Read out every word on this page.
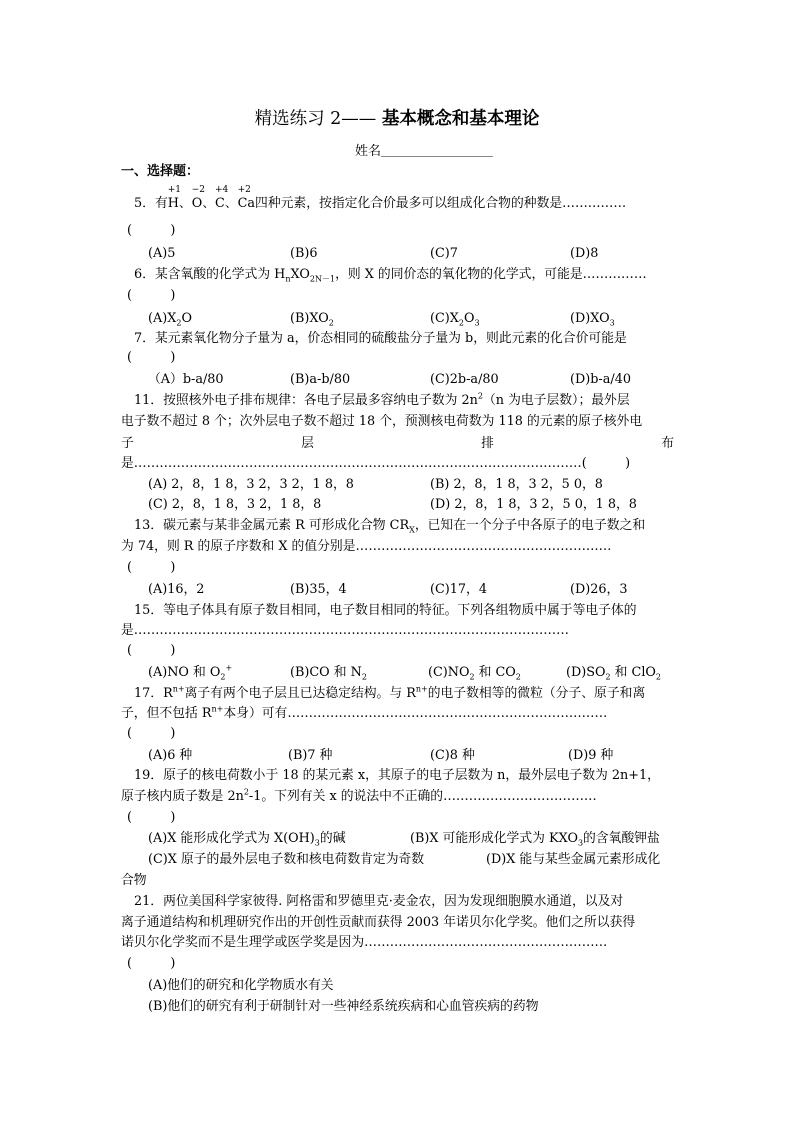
精选练习 2—— 基本概念和基本理论
姓名
一、选择题：
5．有
+1
H、
−2
O、
+4
C、
+2
Ca四种元素，按指定化合价最多可以组成化合物的种数是……………
(　　　)
(A)5	(B)6	(C)7	(D)8
6．某含氧酸的化学式为 $H_nXO_{2N-1}$，则 X 的同价态的氧化物的化学式，可能是……………
(　　　)
$(A)X_2O$	$(B)XO_2$	$(C)X_2O_3$	$(D)XO_3$
7．某元素氧化物分子量为 a，价态相同的硫酸盐分子量为 b，则此元素的化合价可能是
(　　　)
（A）b-a/80	(B)a-b/80	(C)2b-a/80	(D)b-a/40
11．按照核外电子排布规律：各电子层最多容纳电子数为 $2n^2(n$ 为电子层数）；最外层
电子数不超过 8 个；次外层电子数不超过 18 个，预测核电荷数为 118 的元素的原子核外电
子	层	排	布
是……………………………………………………………………………………………(　　　)
(A) 2，8，1 8，3 2，3 2，1 8，8	(B) 2，8，1 8，3 2，5 0，8
(C) 2，8，1 8，3 2，1 8，8	(D) 2，8，1 8，3 2，5 0，1 8，8
13．碳元素与某非金属元素 R 可形成化合物 $CR_X$，已知在一个分子中各原子的电子数之和
为 74，则 R 的原子序数和 X 的值分别是……………………………………………………
(　　　)
(A)16，2	(B)35，4	(C)17，4	(D)26，3
15．等电子体具有原子数目相同，电子数目相同的特征。下列各组物质中属于等电子体的
是…………………………………………………………………………………………
(　　　)
(A)NO 和 $O_2^+$	(B)CO 和 $N_2$	$(C)NO_2$ 和 $CO_2$	$(D)SO_2$ 和 ClO$_2$
17．$R^{n+}$离子有两个电子层且已达稳定结构。与 $R^{n+}$的电子数相等的微粒（分子、原子和离
子，但不包括 $R^{n+}$本身）可有…………………………………………………………………
(　　　)
(A)6 种	(B)7 种	(C)8 种	(D)9 种
19．原子的核电荷数小于 18 的某元素 x，其原子的电子层数为 n，最外层电子数为 2n+1，
原子核内质子数是 $2n^2-1$。下列有关 x 的说法中不正确的………………………………
(　　　)
(A)X 能形成化学式为 $X(OH)_3$的碱	(B)X 可能形成化学式为 $KXO_3$的含氧酸钾盐
(C)X 原子的最外层电子数和核电荷数肯定为奇数	(D)X 能与某些金属元素形成化
合物
21．两位美国科学家彼得. 阿格雷和罗德里克·麦金农，因为发现细胞膜水通道，以及对
离子通道结构和机理研究作出的开创性贡献而获得 2003 年诺贝尔化学奖。他们之所以获得
诺贝尔化学奖而不是生理学或医学奖是因为…………………………………………………
(　　　)
(A)他们的研究和化学物质水有关
(B)他们的研究有利于研制针对一些神经系统疾病和心血管疾病的药物
